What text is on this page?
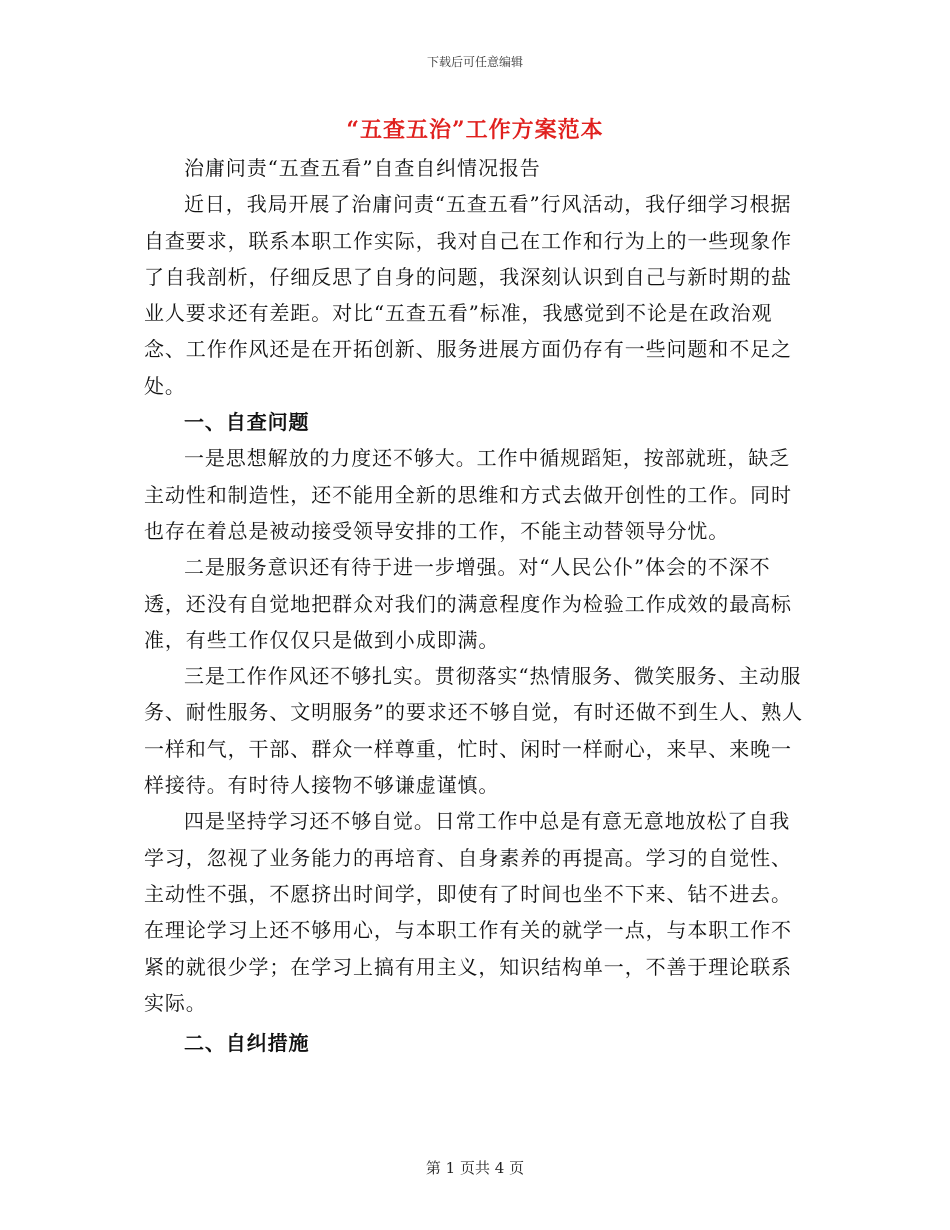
下载后可任意编辑
“五查五治”工作方案范本

治庸问责“五查五看”自查自纠情况报告

近日，我局开展了治庸问责“五查五看”行风活动，我仔细学习根据自查要求，联系本职工作实际，我对自己在工作和行为上的一些现象作了自我剖析，仔细反思了自身的问题，我深刻认识到自己与新时期的盐业人要求还有差距。对比“五查五看”标准，我感觉到不论是在政治观念、工作作风还是在开拓创新、服务进展方面仍存有一些问题和不足之处。

一、自查问题

一是思想解放的力度还不够大。工作中循规蹈矩，按部就班，缺乏主动性和制造性，还不能用全新的思维和方式去做开创性的工作。同时也存在着总是被动接受领导安排的工作，不能主动替领导分忧。

二是服务意识还有待于进一步增强。对“人民公仆”体会的不深不透，还没有自觉地把群众对我们的满意程度作为检验工作成效的最高标准，有些工作仅仅只是做到小成即满。

三是工作作风还不够扎实。贯彻落实“热情服务、微笑服务、主动服务、耐性服务、文明服务”的要求还不够自觉，有时还做不到生人、熟人一样和气，干部、群众一样尊重，忙时、闲时一样耐心，来早、来晚一样接待。有时待人接物不够谦虚谨慎。

四是坚持学习还不够自觉。日常工作中总是有意无意地放松了自我学习，忽视了业务能力的再培育、自身素养的再提高。学习的自觉性、主动性不强，不愿挤出时间学，即使有了时间也坐不下来、钻不进去。在理论学习上还不够用心，与本职工作有关的就学一点，与本职工作不紧的就很少学；在学习上搞有用主义，知识结构单一，不善于理论联系实际。

二、自纠措施
第 1 页共 4 页
